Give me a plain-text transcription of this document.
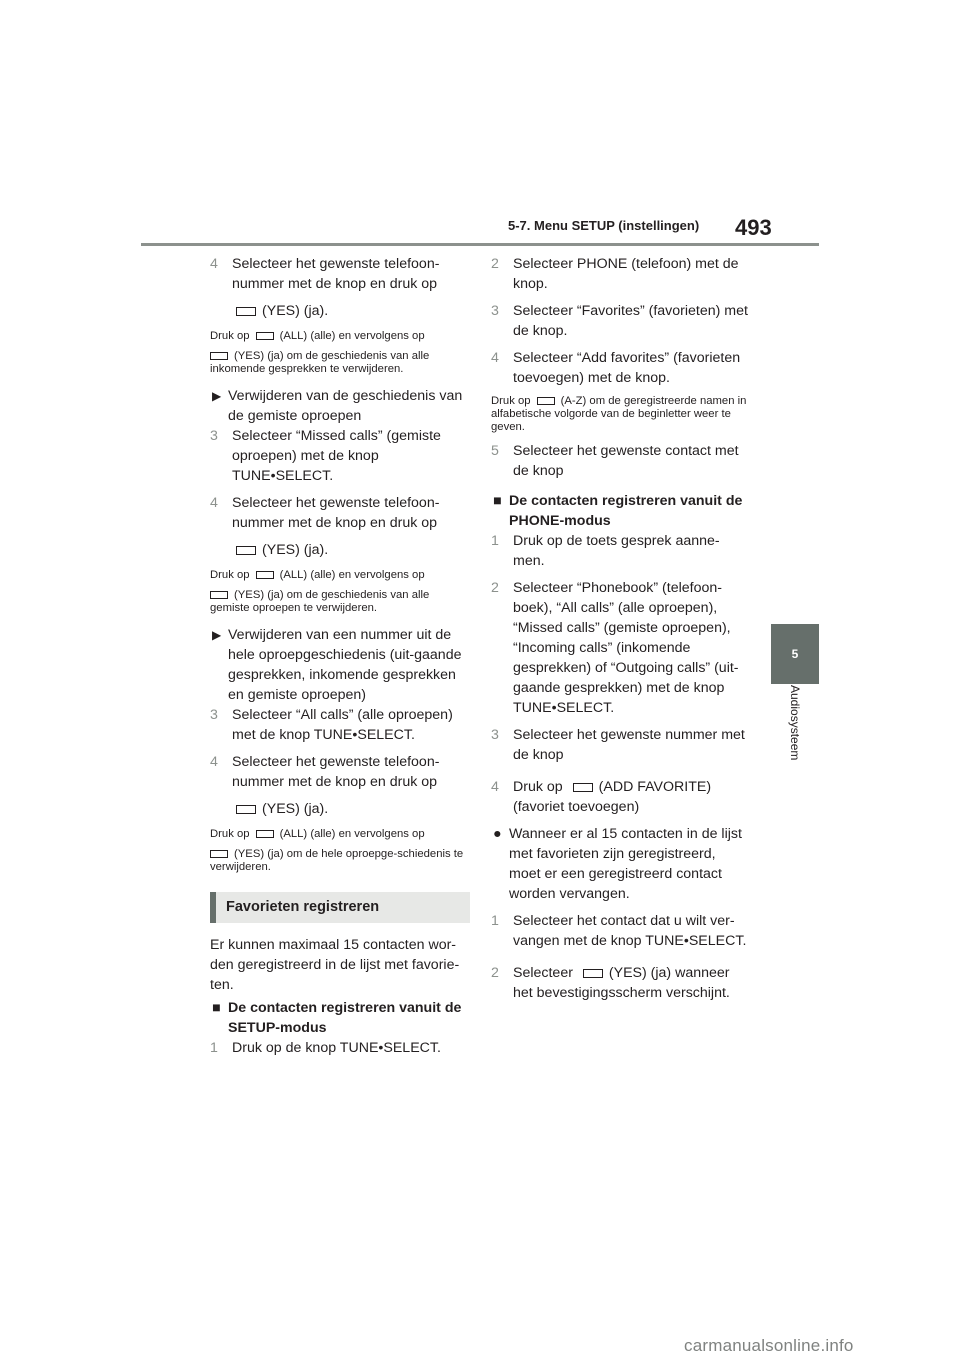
5-7. Menu SETUP (instellingen) 493
5
Audiosysteem
4 Selecteer het gewenste telefoon-nummer met de knop en druk op
(YES) (ja).
Druk op	(ALL) (alle) en vervolgens op
(YES) (ja) om de geschiedenis van alle inkomende gesprekken te verwijderen.
▶ Verwijderen van de geschiedenis van de gemiste oproepen
3 Selecteer “Missed calls” (gemiste oproepen) met de knop TUNE•SELECT.
4 Selecteer het gewenste telefoon-nummer met de knop en druk op
(YES) (ja).
Druk op	(ALL) (alle) en vervolgens op
(YES) (ja) om de geschiedenis van alle gemiste oproepen te verwijderen.
▶ Verwijderen van een nummer uit de hele oproepgeschiedenis (uit-gaande gesprekken, inkomende gesprekken en gemiste oproepen)
3 Selecteer “All calls” (alle oproepen) met de knop TUNE•SELECT.
4 Selecteer het gewenste telefoon-nummer met de knop en druk op
(YES) (ja).
Druk op	(ALL) (alle) en vervolgens op
(YES) (ja) om de hele oproepge-schiedenis te verwijderen.
Favorieten registreren
Er kunnen maximaal 15 contacten wor-den geregistreerd in de lijst met favorie-ten.
■ De contacten registreren vanuit de SETUP-modus
1 Druk op de knop TUNE•SELECT.
2 Selecteer PHONE (telefoon) met de knop.
3 Selecteer “Favorites” (favorieten) met de knop.
4 Selecteer “Add favorites” (favorieten toevoegen) met de knop.
Druk op	(A-Z) om de geregistreerde namen in alfabetische volgorde van de beginletter weer te geven.
5 Selecteer het gewenste contact met de knop
■ De contacten registreren vanuit de PHONE-modus
1 Druk op de toets gesprek aanne-men.
2 Selecteer “Phonebook” (telefoon-boek), “All calls” (alle oproepen), “Missed calls” (gemiste oproepen), “Incoming calls” (inkomende gesprekken) of “Outgoing calls” (uit-gaande gesprekken) met de knop TUNE•SELECT.
3 Selecteer het gewenste nummer met de knop
4 Druk op	(ADD FAVORITE) (favoriet toevoegen)
● Wanneer er al 15 contacten in de lijst met favorieten zijn geregistreerd, moet er een geregistreerd contact worden vervangen.
1 Selecteer het contact dat u wilt ver-vangen met de knop TUNE•SELECT.
2 Selecteer	(YES) (ja) wanneer het bevestigingsscherm verschijnt.
carmanualsonline.info
